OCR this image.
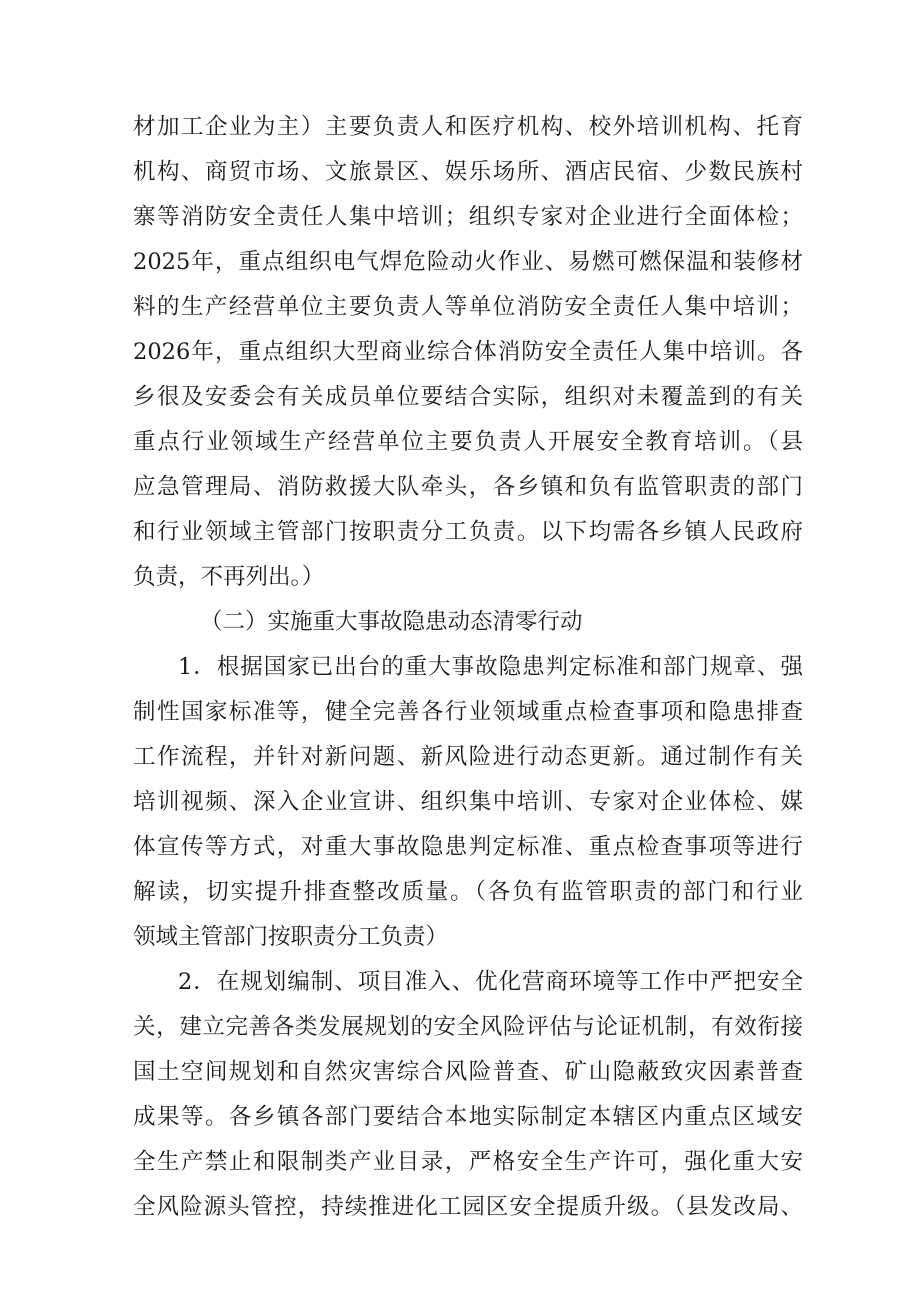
材加工企业为主）主要负责人和医疗机构、校外培训机构、托育
机构、商贸市场、文旅景区、娱乐场所、酒店民宿、少数民族村
寨等消防安全责任人集中培训；组织专家对企业进行全面体检；
2025年，重点组织电气焊危险动火作业、易燃可燃保温和装修材
料的生产经营单位主要负责人等单位消防安全责任人集中培训；
2026年，重点组织大型商业综合体消防安全责任人集中培训。各
乡很及安委会有关成员单位要结合实际，组织对未覆盖到的有关
重点行业领域生产经营单位主要负责人开展安全教育培训。（县
应急管理局、消防救援大队牵头，各乡镇和负有监管职责的部门
和行业领域主管部门按职责分工负责。以下均需各乡镇人民政府
负责，不再列出。）

（二）实施重大事故隐患动态清零行动

1．根据国家已出台的重大事故隐患判定标准和部门规章、强
制性国家标准等，健全完善各行业领域重点检查事项和隐患排查
工作流程，并针对新问题、新风险进行动态更新。通过制作有关
培训视频、深入企业宣讲、组织集中培训、专家对企业体检、媒
体宣传等方式，对重大事故隐患判定标准、重点检查事项等进行
解读，切实提升排查整改质量。（各负有监管职责的部门和行业
领域主管部门按职责分工负责）

2．在规划编制、项目准入、优化营商环境等工作中严把安全
关，建立完善各类发展规划的安全风险评估与论证机制，有效衔接
国土空间规划和自然灾害综合风险普查、矿山隐蔽致灾因素普查
成果等。各乡镇各部门要结合本地实际制定本辖区内重点区域安
全生产禁止和限制类产业目录，严格安全生产许可，强化重大安
全风险源头管控，持续推进化工园区安全提质升级。（县发改局、
